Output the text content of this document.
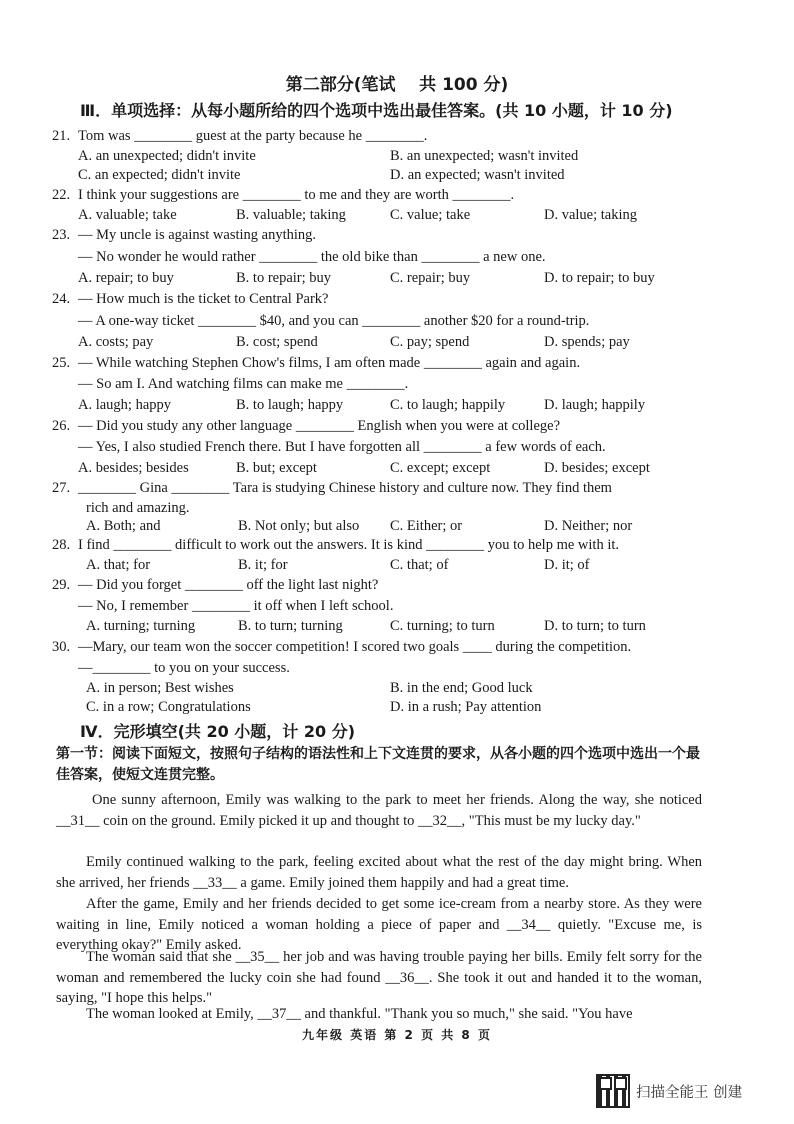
第二部分(笔试    共 100 分)
Ⅲ．单项选择：从每小题所给的四个选项中选出最佳答案。(共 10 小题，计 10 分)
21. Tom was ________ guest at the party because he ________.
A. an unexpected; didn't invite	B. an unexpected; wasn't invited
C. an expected; didn't invite	D. an expected; wasn't invited
22. I think your suggestions are ________ to me and they are worth ________.
A. valuable; take	B. valuable; taking	C. value; take	D. value; taking
23. — My uncle is against wasting anything.
— No wonder he would rather ________ the old bike than ________ a new one.
A. repair; to buy	B. to repair; buy	C. repair; buy	D. to repair; to buy
24. — How much is the ticket to Central Park?
— A one-way ticket ________ $40, and you can ________ another $20 for a round-trip.
A. costs; pay	B. cost; spend	C. pay; spend	D. spends; pay
25. — While watching Stephen Chow's films, I am often made ________ again and again.
— So am I. And watching films can make me ________.
A. laugh; happy	B. to laugh; happy	C. to laugh; happily	D. laugh; happily
26. — Did you study any other language ________ English when you were at college?
— Yes, I also studied French there. But I have forgotten all ________ a few words of each.
A. besides; besides	B. but; except	C. except; except	D. besides; except
27. ________ Gina ________ Tara is studying Chinese history and culture now. They find them
rich and amazing.
A. Both; and	B. Not only; but also C. Either; or	D. Neither; nor
28. I find ________ difficult to work out the answers. It is kind ________ you to help me with it.
A. that; for	B. it; for	C. that; of	D. it; of
29. — Did you forget ________ off the light last night?
— No, I remember ________ it off when I left school.
A. turning; turning	B. to turn; turning	C. turning; to turn	D. to turn; to turn
30. —Mary, our team won the soccer competition! I scored two goals ____ during the competition.
—________ to you on your success.
A. in person; Best wishes	B. in the end; Good luck
C. in a row; Congratulations	D. in a rush; Pay attention
Ⅳ．完形填空(共 20 小题，计 20 分)
第一节：阅读下面短文，按照句子结构的语法性和上下文连贯的要求，从各小题的四个选项中选出一个最佳答案，使短文连贯完整。
One sunny afternoon, Emily was walking to the park to meet her friends. Along the way, she noticed __31__ coin on the ground. Emily picked it up and thought to __32__, "This must be my lucky day."
Emily continued walking to the park, feeling excited about what the rest of the day might bring. When she arrived, her friends __33__ a game. Emily joined them happily and had a great time.
After the game, Emily and her friends decided to get some ice-cream from a nearby store. As they were waiting in line, Emily noticed a woman holding a piece of paper and __34__ quietly. "Excuse me, is everything okay?" Emily asked.
The woman said that she __35__ her job and was having trouble paying her bills. Emily felt sorry for the woman and remembered the lucky coin she had found __36__. She took it out and handed it to the woman, saying, "I hope this helps."
The woman looked at Emily, __37__ and thankful. "Thank you so much," she said. "You have
九年级 英语 第 2 页 共 8 页
扫描全能王 创建
